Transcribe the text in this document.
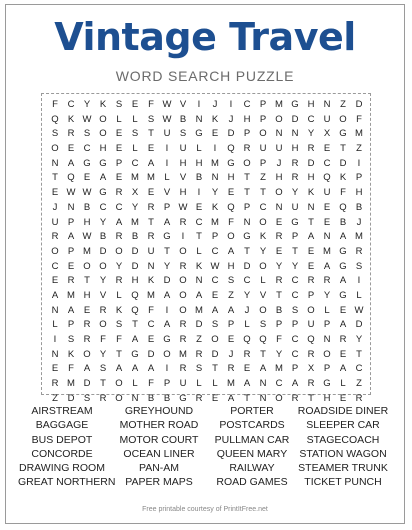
Vintage Travel
WORD SEARCH PUZZLE
F	C Y	K	S	E	F W V	I	J	I	C P M G H N	Z	D
Q K W O	L	L	S W B N K	J	H P O D C U O F
S R S O E	S	T	U S G E D P O N N Y	X G M
O E C H E	L	E	I	U	L	I	Q R U U H R E	T	Z
N A G G P C A	I	H H M G O P	J	R D C D	I
T Q E	A	E M M L	V	B N H	T	Z	H R H Q K	P
E W W G R X	E	V H	I	Y	E	T	T O Y	K U	F	H
J	N B C C Y R P W E	K Q P C N U N E Q B
U P H Y	A M T	A R C M F	N O E G T	E	B	J
R A W B R B R G	I	T	P O G K R P	A N A M
O P M D O D U	T O	L	C A	T	Y	E	T	E M G R
C E O O Y D N Y R K W H D O Y	Y	E	A G S
E R	T	Y R H K D O N C S C	L	R C R R A	I
A M H V	L	Q M A O A	E	Z	Y	V	T	C P	Y G	L
N A	E R K Q F	I	O M A	A	J	O B	S O	L	E W
L	P R O S	T	C A R D S	P	L	S	P	P U P	A D
I	S R	F	F	A	E G R	Z O E Q Q F	C Q N R Y
N K O Y	T G D O M R D	J	R	T	Y C R O E	T
E	F	A	S	A	A	A	I	R S	T	R E	A M P	X	P	A C
R M D	T O	L	F	P U	L	L M A N C A R G	L	Z
Z	D S R O N B	B G R E	A	T	N O R	T	H E R
AIRSTREAM
BAGGAGE
BUS DEPOT
CONCORDE
DRAWING ROOM
GREAT NORTHERN
GREYHOUND
MOTHER ROAD
MOTOR COURT
OCEAN LINER
PAN-AM
PAPER MAPS
PORTER
POSTCARDS
PULLMAN CAR
QUEEN MARY
RAILWAY
ROAD GAMES
ROADSIDE DINER
SLEEPER CAR
STAGECOACH
STATION WAGON
STEAMER TRUNK
TICKET PUNCH
Free printable courtesy of PrintItFree.net
